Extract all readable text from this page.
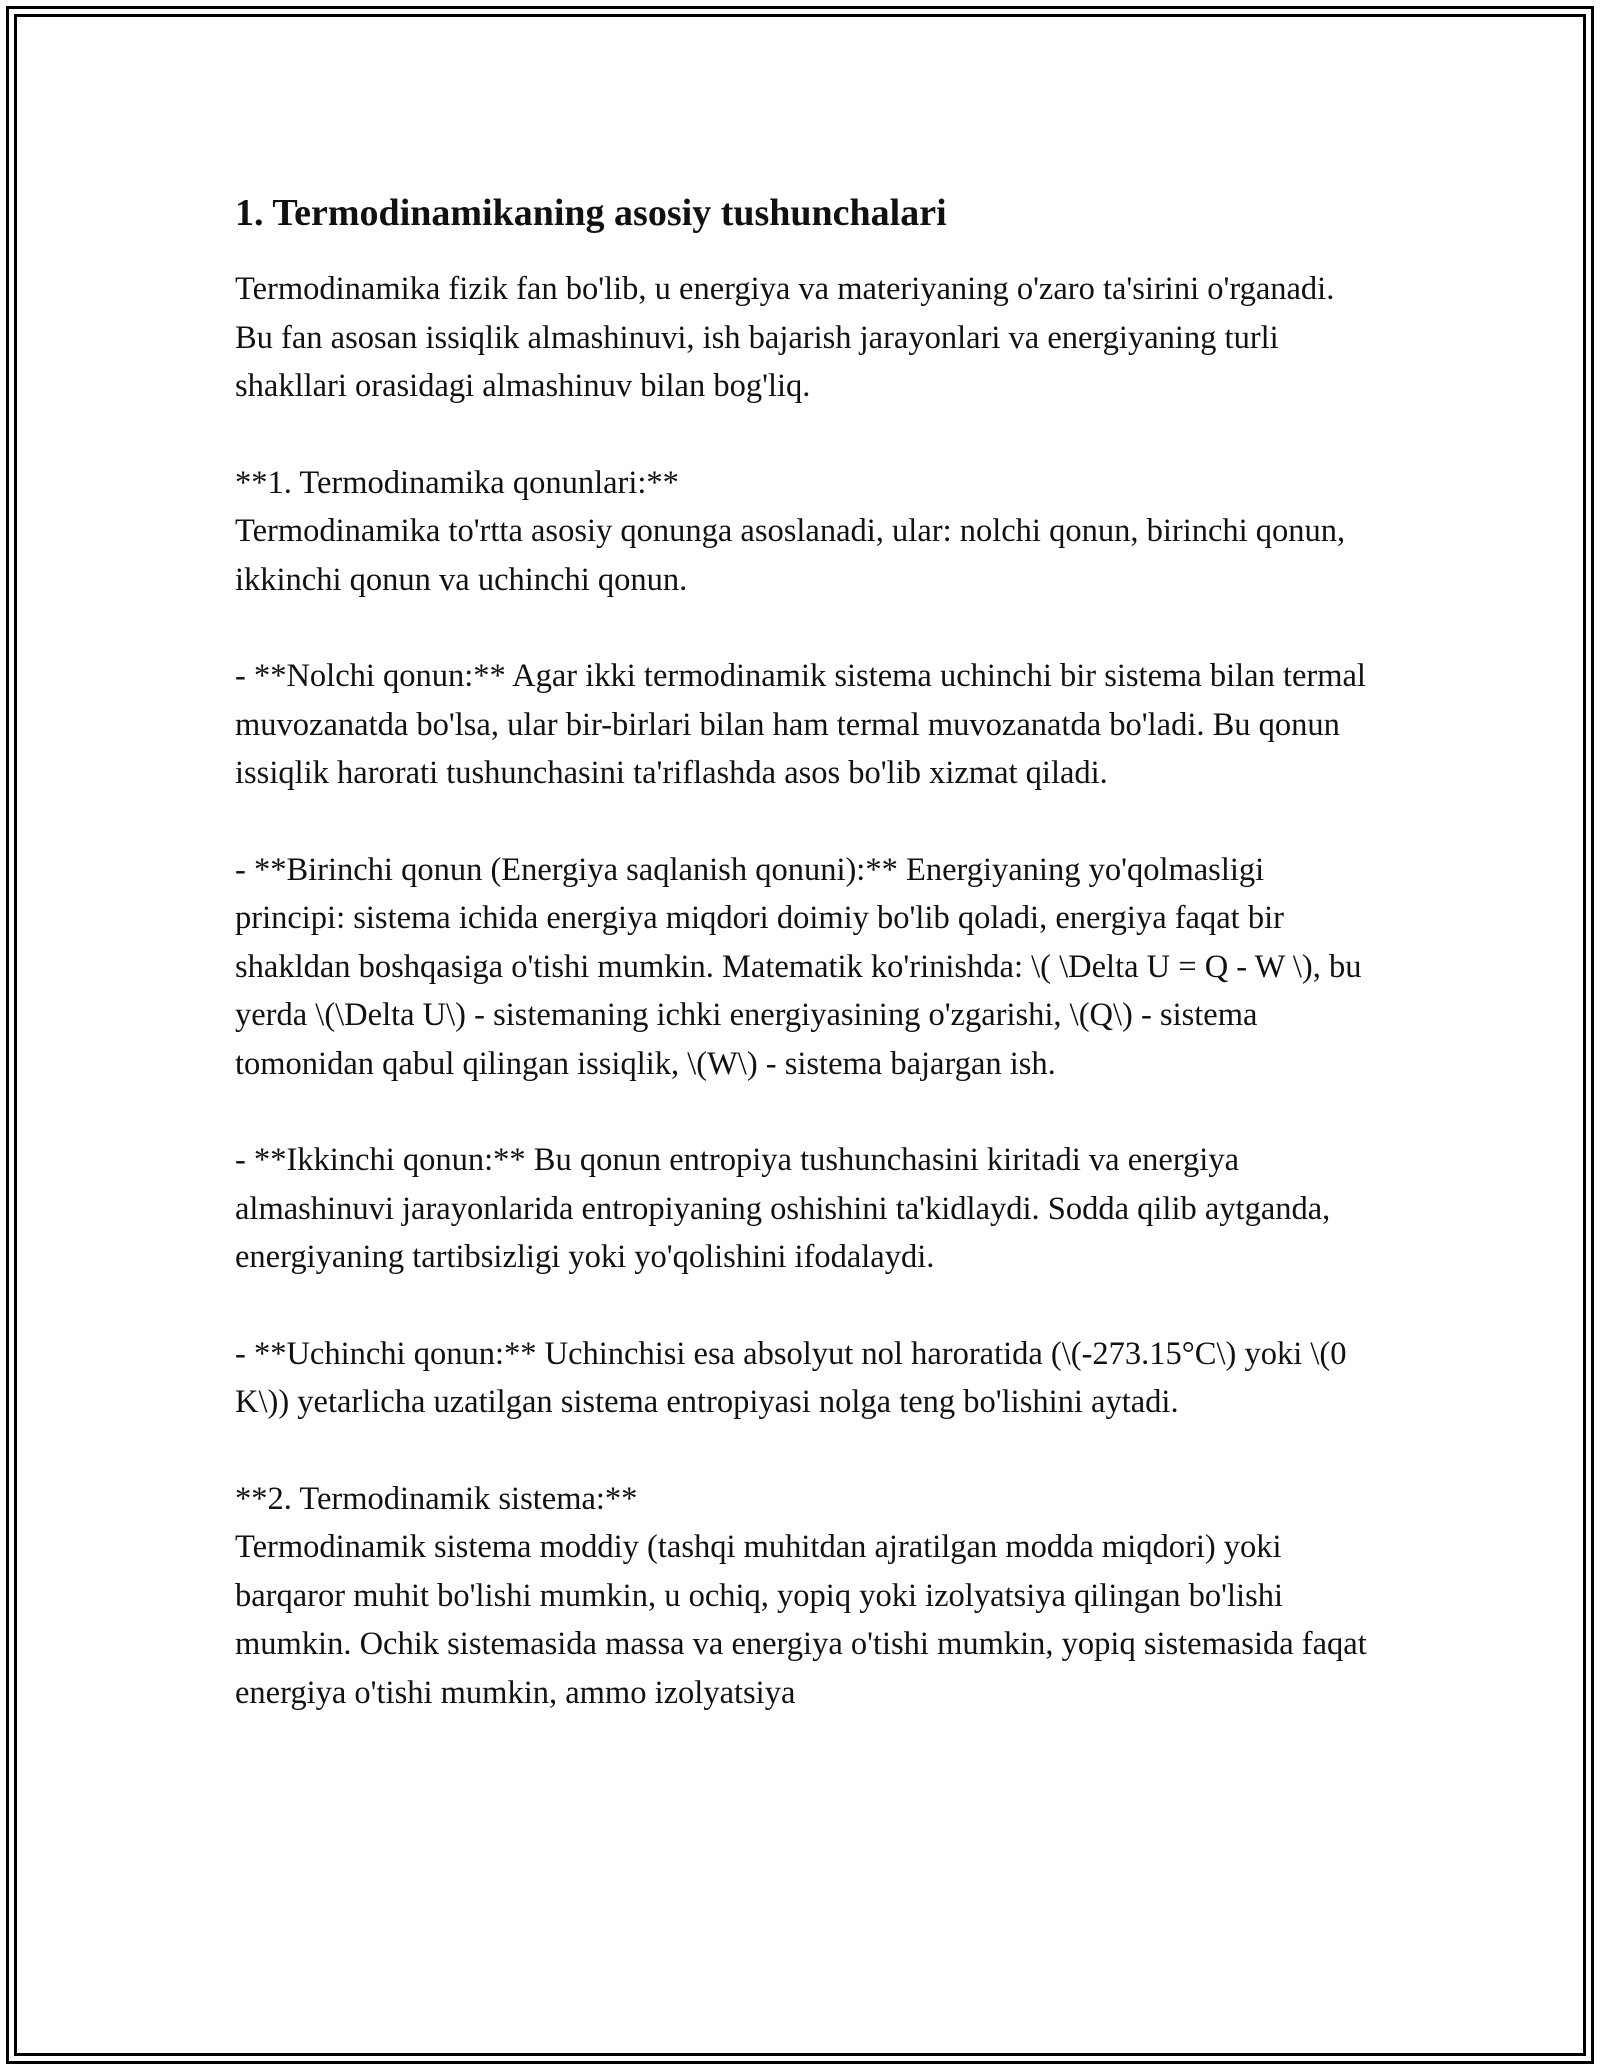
1. Termodinamikaning asosiy tushunchalari

Termodinamika fizik fan bo'lib, u energiya va materiyaning o'zaro ta'sirini o'rganadi. Bu fan asosan issiqlik almashinuvi, ish bajarish jarayonlari va energiyaning turli shakllari orasidagi almashinuv bilan bog'liq.

**1. Termodinamika qonunlari:**
Termodinamika to'rtta asosiy qonunga asoslanadi, ular: nolchi qonun, birinchi qonun, ikkinchi qonun va uchinchi qonun.

- **Nolchi qonun:** Agar ikki termodinamik sistema uchinchi bir sistema bilan termal muvozanatda bo'lsa, ular bir-birlari bilan ham termal muvozanatda bo'ladi. Bu qonun issiqlik harorati tushunchasini ta'riflashda asos bo'lib xizmat qiladi.

- **Birinchi qonun (Energiya saqlanish qonuni):** Energiyaning yo'qolmasligi principi: sistema ichida energiya miqdori doimiy bo'lib qoladi, energiya faqat bir shakldan boshqasiga o'tishi mumkin. Matematik ko'rinishda: \( \Delta U = Q - W \), bu yerda \(\Delta U\) - sistemaning ichki energiyasining o'zgarishi, \(Q\) - sistema tomonidan qabul qilingan issiqlik, \(W\) - sistema bajargan ish.

- **Ikkinchi qonun:** Bu qonun entropiya tushunchasini kiritadi va energiya almashinuvi jarayonlarida entropiyaning oshishini ta'kidlaydi. Sodda qilib aytganda, energiyaning tartibsizligi yoki yo'qolishini ifodalaydi.

- **Uchinchi qonun:** Uchinchisi esa absolyut nol haroratida (\(-273.15°C\) yoki \(0 K\)) yetarlicha uzatilgan sistema entropiyasi nolga teng bo'lishini aytadi.

**2. Termodinamik sistema:**
Termodinamik sistema moddiy (tashqi muhitdan ajratilgan modda miqdori) yoki barqaror muhit bo'lishi mumkin, u ochiq, yopiq yoki izolyatsiya qilingan bo'lishi mumkin. Ochik sistemasida massa va energiya o'tishi mumkin, yopiq sistemasida faqat energiya o'tishi mumkin, ammo izolyatsiya
